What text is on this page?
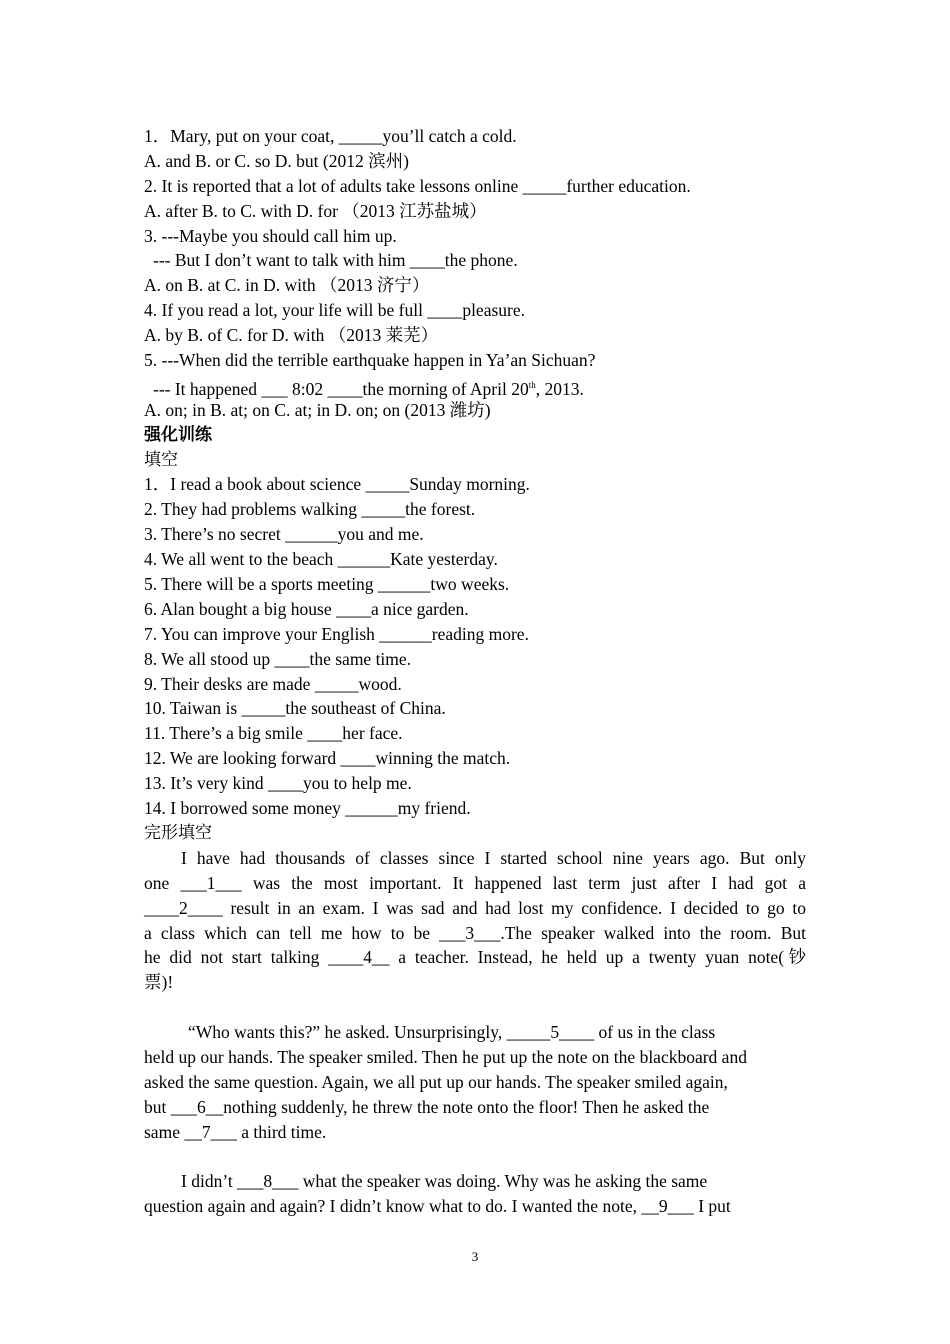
1．Mary, put on your coat, _____you’ll catch a cold.
A. and B. or C. so D. but (2012 滨州)
2. It is reported that a lot of adults take lessons online _____further education.
A. after B. to C. with D. for （2013 江苏盐城）
3. ---Maybe you should call him up.
--- But I don’t want to talk with him ____the phone.
A. on B. at C. in D. with （2013 济宁）
4. If you read a lot, your life will be full ____pleasure.
A. by B. of C. for D. with （2013 莱芜）
5. ---When did the terrible earthquake happen in Ya’an Sichuan?
--- It happened ___ 8:02 ____the morning of April 20th, 2013.
A. on; in B. at; on C. at; in D. on; on (2013 潍坊)
强化训练
填空
1．I read a book about science _____Sunday morning.
2. They had problems walking _____the forest.
3. There’s no secret ______you and me.
4. We all went to the beach ______Kate yesterday.
5. There will be a sports meeting ______two weeks.
6. Alan bought a big house ____a nice garden.
7. You can improve your English ______reading more.
8. We all stood up ____the same time.
9. Their desks are made _____wood.
10. Taiwan is _____the southeast of China.
11. There’s a big smile ____her face.
12. We are looking forward ____winning the match.
13. It’s very kind ____you to help me.
14. I borrowed some money ______my friend.
完形填空
I have had thousands of classes since I started school nine years ago. But only
one ___1___ was the most important. It happened last term just after I had got a
____2____ result in an exam. I was sad and had lost my confidence. I decided to go to
a class which can tell me how to be ___3___.The speaker walked into the room. But
he did not start talking ____4__ a teacher. Instead, he held up a twenty yuan note(钞
票)!
“Who wants this?” he asked. Unsurprisingly, _____5____ of us in the class
held up our hands. The speaker smiled. Then he put up the note on the blackboard and
asked the same question. Again, we all put up our hands. The speaker smiled again,
but ___6__nothing suddenly, he threw the note onto the floor! Then he asked the
same __7___ a third time.
I didn’t ___8___ what the speaker was doing. Why was he asking the same
question again and again? I didn’t know what to do. I wanted the note, __9___ I put
3
